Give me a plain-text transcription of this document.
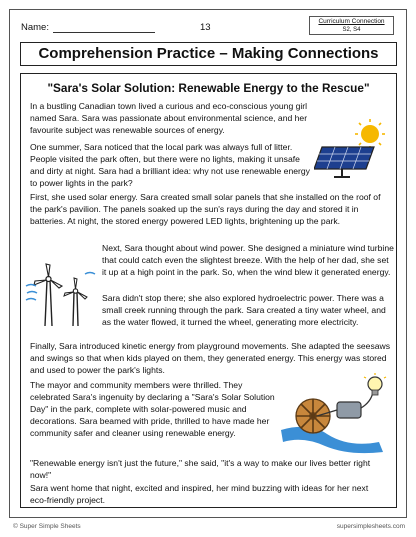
Name:	13
Curriculum Connection
S2, S4
Comprehension Practice – Making Connections
"Sara's Solar Solution: Renewable Energy to the Rescue"

In a bustling Canadian town lived a curious and eco-conscious young girl named Sara. Sara was passionate about environmental science, and her favourite subject was renewable sources of energy.

One summer, Sara noticed that the local park was always full of litter. People visited the park often, but there were no lights, making it unsafe and dirty at night. Sara had a brilliant idea: why not use renewable energy to power lights in the park?

First, she used solar energy. Sara created small solar panels that she installed on the roof of the park's pavilion. The panels soaked up the sun's rays during the day and stored it in batteries. At night, the stored energy powered LED lights, brightening up the park.

Next, Sara thought about wind power. She designed a miniature wind turbine that could catch even the slightest breeze. With the help of her dad, she set it up at a high point in the park. So, when the wind blew it generated energy.

Sara didn't stop there; she also explored hydroelectric power. There was a small creek running through the park. Sara created a tiny water wheel, and as the water flowed, it turned the wheel, generating more electricity.

Finally, Sara introduced kinetic energy from playground movements. She adapted the seesaws and swings so that when kids played on them, they generated energy. This energy was stored and used to power the park's lights.

The mayor and community members were thrilled. They celebrated Sara's ingenuity by declaring a "Sara's Solar Solution Day" in the park, complete with solar-powered music and decorations. Sara beamed with pride, thrilled to have made her community safer and cleaner using renewable energy.

"Renewable energy isn't just the future," she said, "it's a way to make our lives better right now!"

Sara went home that night, excited and inspired, her mind buzzing with ideas for her next eco-friendly project.

© Super Simple Sheets	supersimplesheets.com
